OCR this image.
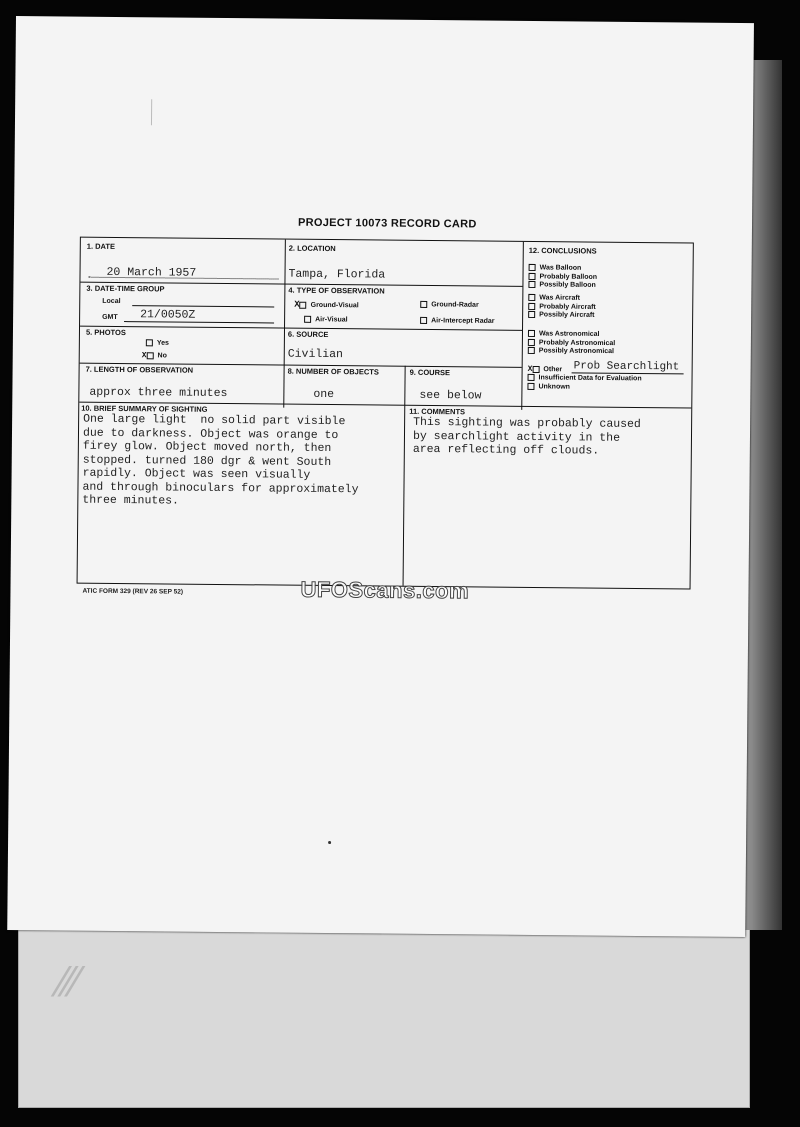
⁄⁄⁄
PROJECT 10073 RECORD CARD
1. DATE
20 March 1957
2. LOCATION
Tampa, Florida
3. DATE-TIME GROUP
Local
GMT 21/0050Z
4. TYPE OF OBSERVATION
X Ground-Visual	Ground-Radar
Air-Visual	Air-Intercept Radar
5. PHOTOS
Yes
X No
6. SOURCE
Civilian
7. LENGTH OF OBSERVATION
approx three minutes
8. NUMBER OF OBJECTS
one
9. COURSE
see below
12. CONCLUSIONS
Was Balloon
Probably Balloon
Possibly Balloon
Was Aircraft
Probably Aircraft
Possibly Aircraft
Was Astronomical
Probably Astronomical
Possibly Astronomical
X Other Prob Searchlight
Insufficient Data for Evaluation
Unknown
10. BRIEF SUMMARY OF SIGHTING
One large light  no solid part visible
due to darkness. Object was orange to
firey glow. Object moved north, then
stopped. turned 180 dgr & went South
rapidly. Object was seen visually
and through binoculars for approximately
three minutes.
11. COMMENTS
This sighting was probably caused
by searchlight activity in the
area reflecting off clouds.
UFOScans.com
ATIC FORM 329 (REV 26 SEP 52)
